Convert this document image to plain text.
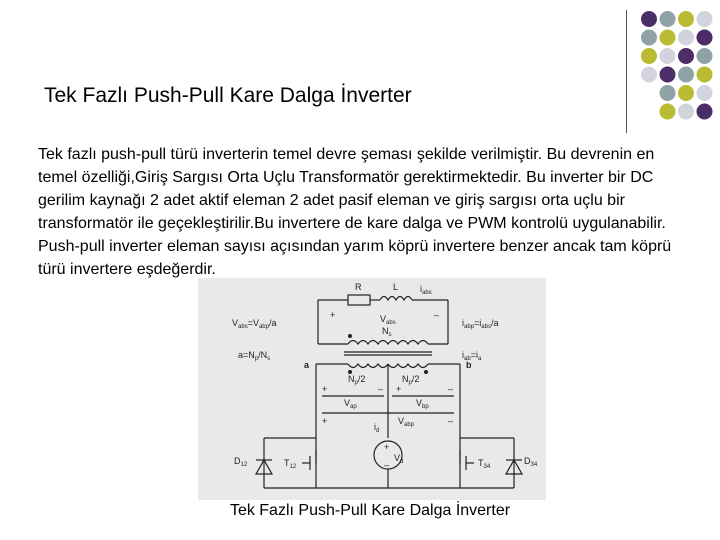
Tek Fazlı Push-Pull Kare Dalga İnverter
Tek fazlı push-pull türü inverterin temel devre şeması şekilde verilmiştir. Bu devrenin en temel özelliği,Giriş Sargısı Orta Uçlu Transformatör gerektirmektedir. Bu inverter bir DC gerilim kaynağı 2 adet aktif eleman 2 adet pasif eleman ve giriş sargısı orta uçlu bir transformatör ile geçekleştirilir.Bu invertere de kare dalga ve PWM kontrolü uygulanabilir. Push-pull inverter eleman sayısı açısından yarım köprü invertere benzer ancak tam köprü türü invertere eşdeğerdir.
R	L $i_{abs}$
$V_{abs}$
+	–
$N_s$
$V_{abs}=V_{abp}/a$
$a=N_p/N_s$
$i_{abp}=i_{abs}/a$
$i_{ab}=i_a$
a	b
$N_p/2$	$N_p/2$
+	– +	–
$V_{ap}$	$V_{bp}$
+	–
$V_{abp}$
$i_d$
+
$V_d$
–
$D_{12}$	$T_{12}$	$T_{34}$
$D_{34}$
Tek Fazlı Push-Pull Kare Dalga İnverter
